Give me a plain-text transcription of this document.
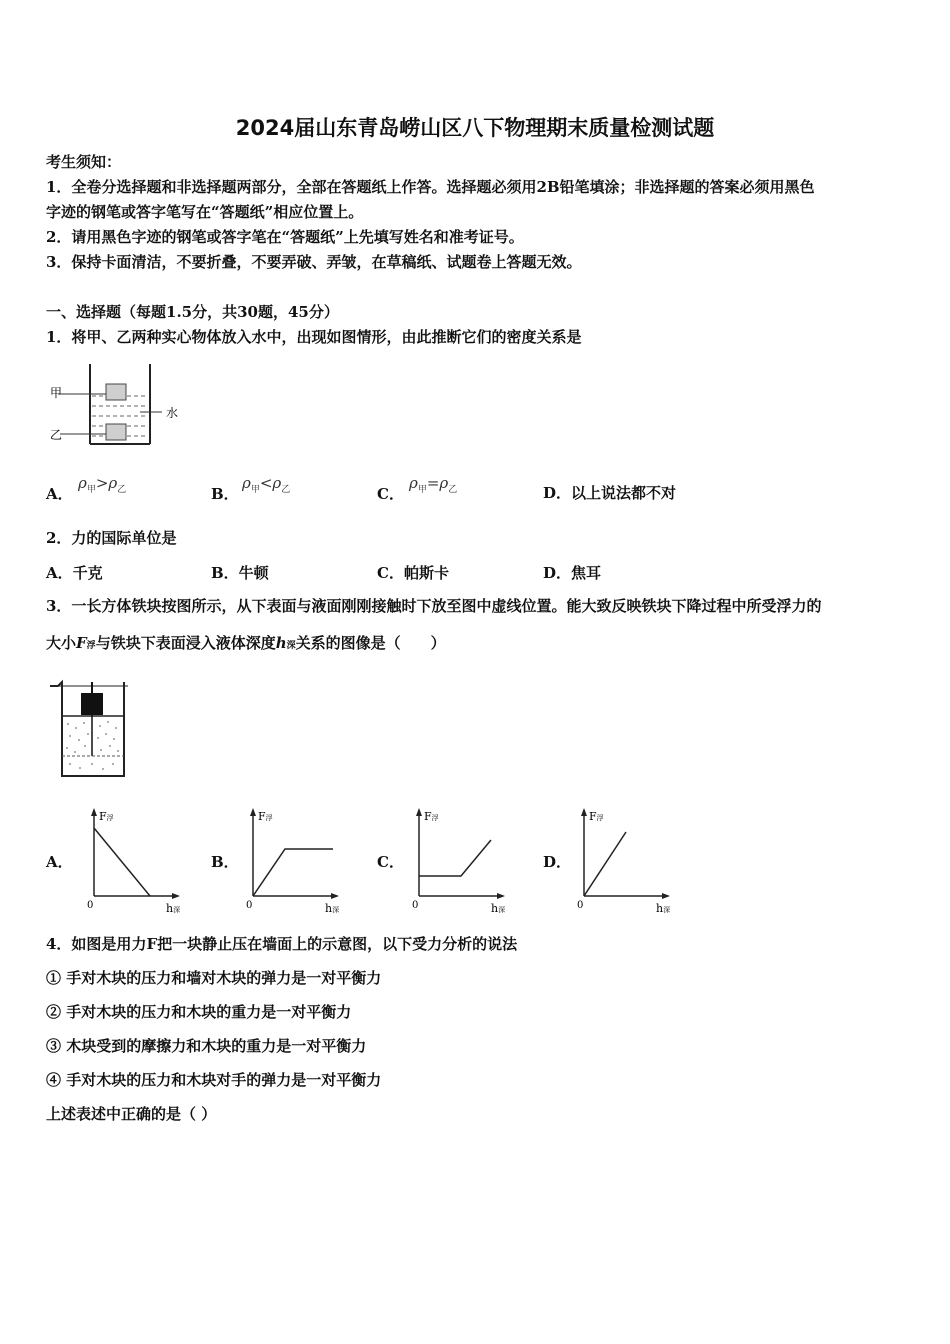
2024届山东青岛崂山区八下物理期末质量检测试题
考生须知：
1．全卷分选择题和非选择题两部分，全部在答题纸上作答。选择题必须用2B铅笔填涂；非选择题的答案必须用黑色
字迹的钢笔或答字笔写在“答题纸”相应位置上。
2．请用黑色字迹的钢笔或答字笔在“答题纸”上先填写姓名和准考证号。
3．保持卡面清洁，不要折叠，不要弄破、弄皱，在草稿纸、试题卷上答题无效。
一、选择题（每题1.5分，共30题，45分）
1．将甲、乙两种实心物体放入水中，出现如图情形，由此推断它们的密度关系是
甲
乙
水
A．
$\rho_甲>\rho_乙$	B．
$\rho_甲<\rho_乙$	C．
$\rho_甲=\rho_乙$	D．以上说法都不对
2．力的国际单位是
A．千克	B．牛顿	C．帕斯卡	D．焦耳
3．一长方体铁块按图所示，从下表面与液面刚刚接触时下放至图中虚线位置。能大致反映铁块下降过程中所受浮力的
大小F浮与铁块下表面浸入液体深度h深关系的图像是（　　）
A．
F浮
h深
0
B．
F浮
h深
0
C．
F浮
h深
0
D．
F浮
h深
0
4．如图是用力F把一块静止压在墙面上的示意图，以下受力分析的说法
① 手对木块的压力和墙对木块的弹力是一对平衡力
② 手对木块的压力和木块的重力是一对平衡力
③ 木块受到的摩擦力和木块的重力是一对平衡力
④ 手对木块的压力和木块对手的弹力是一对平衡力
上述表述中正确的是（ ）
